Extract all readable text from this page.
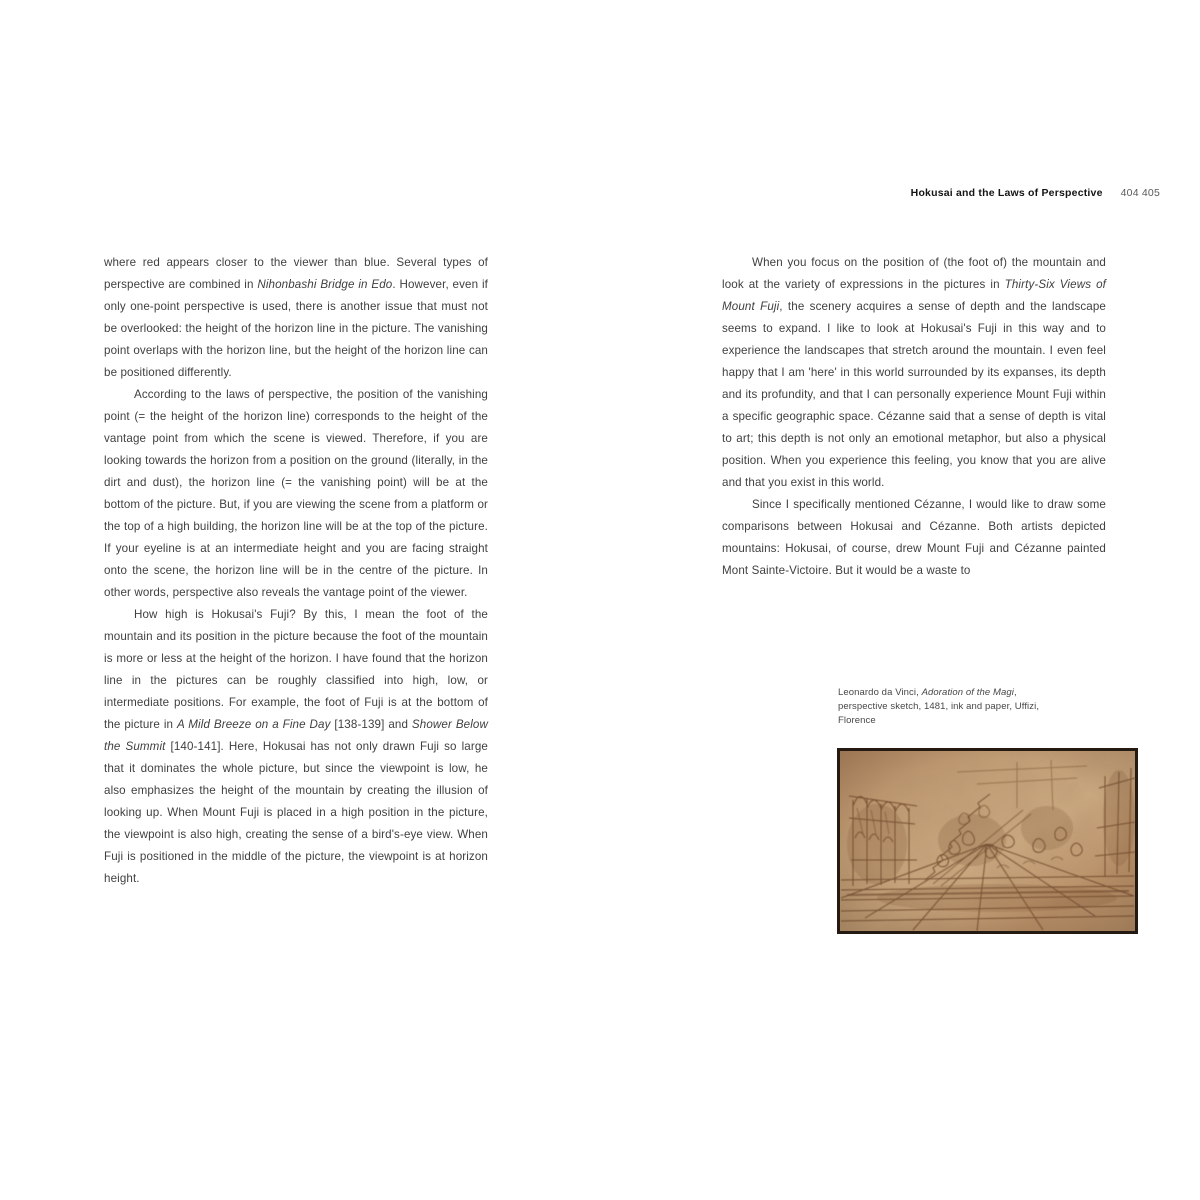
Hokusai and the Laws of Perspective 404 405

where red appears closer to the viewer than blue. Several types of perspective are combined in Nihonbashi Bridge in Edo. However, even if only one-point perspective is used, there is another issue that must not be overlooked: the height of the horizon line in the picture. The vanishing point overlaps with the horizon line, but the height of the horizon line can be positioned differently.

According to the laws of perspective, the position of the vanishing point (= the height of the horizon line) corresponds to the height of the vantage point from which the scene is viewed. Therefore, if you are looking towards the horizon from a position on the ground (literally, in the dirt and dust), the horizon line (= the vanishing point) will be at the bottom of the picture. But, if you are viewing the scene from a platform or the top of a high building, the horizon line will be at the top of the picture. If your eyeline is at an intermediate height and you are facing straight onto the scene, the horizon line will be in the centre of the picture. In other words, perspective also reveals the vantage point of the viewer.

How high is Hokusai's Fuji? By this, I mean the foot of the mountain and its position in the picture because the foot of the mountain is more or less at the height of the horizon. I have found that the horizon line in the pictures can be roughly classified into high, low, or intermediate positions. For example, the foot of Fuji is at the bottom of the picture in A Mild Breeze on a Fine Day [138-139] and Shower Below the Summit [140-141]. Here, Hokusai has not only drawn Fuji so large that it dominates the whole picture, but since the viewpoint is low, he also emphasizes the height of the mountain by creating the illusion of looking up. When Mount Fuji is placed in a high position in the picture, the viewpoint is also high, creating the sense of a bird's-eye view. When Fuji is positioned in the middle of the picture, the viewpoint is at horizon height.

When you focus on the position of (the foot of) the mountain and look at the variety of expressions in the pictures in Thirty-Six Views of Mount Fuji, the scenery acquires a sense of depth and the landscape seems to expand. I like to look at Hokusai's Fuji in this way and to experience the landscapes that stretch around the mountain. I even feel happy that I am 'here' in this world surrounded by its expanses, its depth and its profundity, and that I can personally experience Mount Fuji within a specific geographic space. Cézanne said that a sense of depth is vital to art; this depth is not only an emotional metaphor, but also a physical position. When you experience this feeling, you know that you are alive and that you exist in this world.

Since I specifically mentioned Cézanne, I would like to draw some comparisons between Hokusai and Cézanne. Both artists depicted mountains: Hokusai, of course, drew Mount Fuji and Cézanne painted Mont Sainte-Victoire. But it would be a waste to

Leonardo da Vinci, Adoration of the Magi, perspective sketch, 1481, ink and paper, Uffizi, Florence
